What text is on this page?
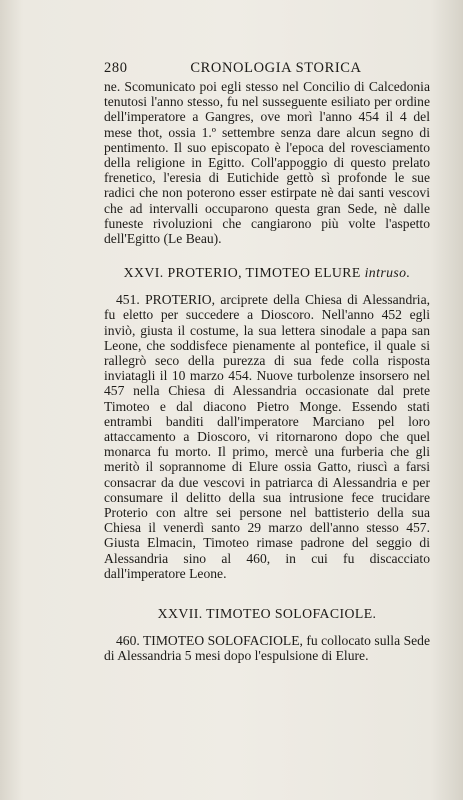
280	CRONOLOGIA STORICA

ne. Scomunicato poi egli stesso nel Concilio di Calcedonia tenutosi l'anno stesso, fu nel susseguente esiliato per ordine dell'imperatore a Gangres, ove morì l'anno 454 il 4 del mese thot, ossia 1.º settembre senza dare alcun segno di pentimento. Il suo episcopato è l'epoca del rovesciamento della religione in Egitto. Coll'appoggio di questo prelato frenetico, l'eresia di Eutichide gettò sì profonde le sue radici che non poterono esser estirpate nè dai santi vescovi che ad intervalli occuparono questa gran Sede, nè dalle funeste rivoluzioni che cangiarono più volte l'aspetto dell'Egitto (Le Beau).

XXVI. PROTERIO, TIMOTEO ELURE intruso.

451. PROTERIO, arciprete della Chiesa di Alessandria, fu eletto per succedere a Dioscoro. Nell'anno 452 egli inviò, giusta il costume, la sua lettera sinodale a papa san Leone, che soddisfece pienamente al pontefice, il quale si rallegrò seco della purezza di sua fede colla risposta inviatagli il 10 marzo 454. Nuove turbolenze insorsero nel 457 nella Chiesa di Alessandria occasionate dal prete Timoteo e dal diacono Pietro Monge. Essendo stati entrambi banditi dall'imperatore Marciano pel loro attaccamento a Dioscoro, vi ritornarono dopo che quel monarca fu morto. Il primo, mercè una furberia che gli meritò il soprannome di Elure ossia Gatto, riuscì a farsi consacrar da due vescovi in patriarca di Alessandria e per consumare il delitto della sua intrusione fece trucidare Proterio con altre sei persone nel battisterio della sua Chiesa il venerdì santo 29 marzo dell'anno stesso 457. Giusta Elmacin, Timoteo rimase padrone del seggio di Alessandria sino al 460, in cui fu discacciato dall'imperatore Leone.

XXVII. TIMOTEO SOLOFACIOLE.

460. TIMOTEO SOLOFACIOLE, fu collocato sulla Sede di Alessandria 5 mesi dopo l'espulsione di Elure.
